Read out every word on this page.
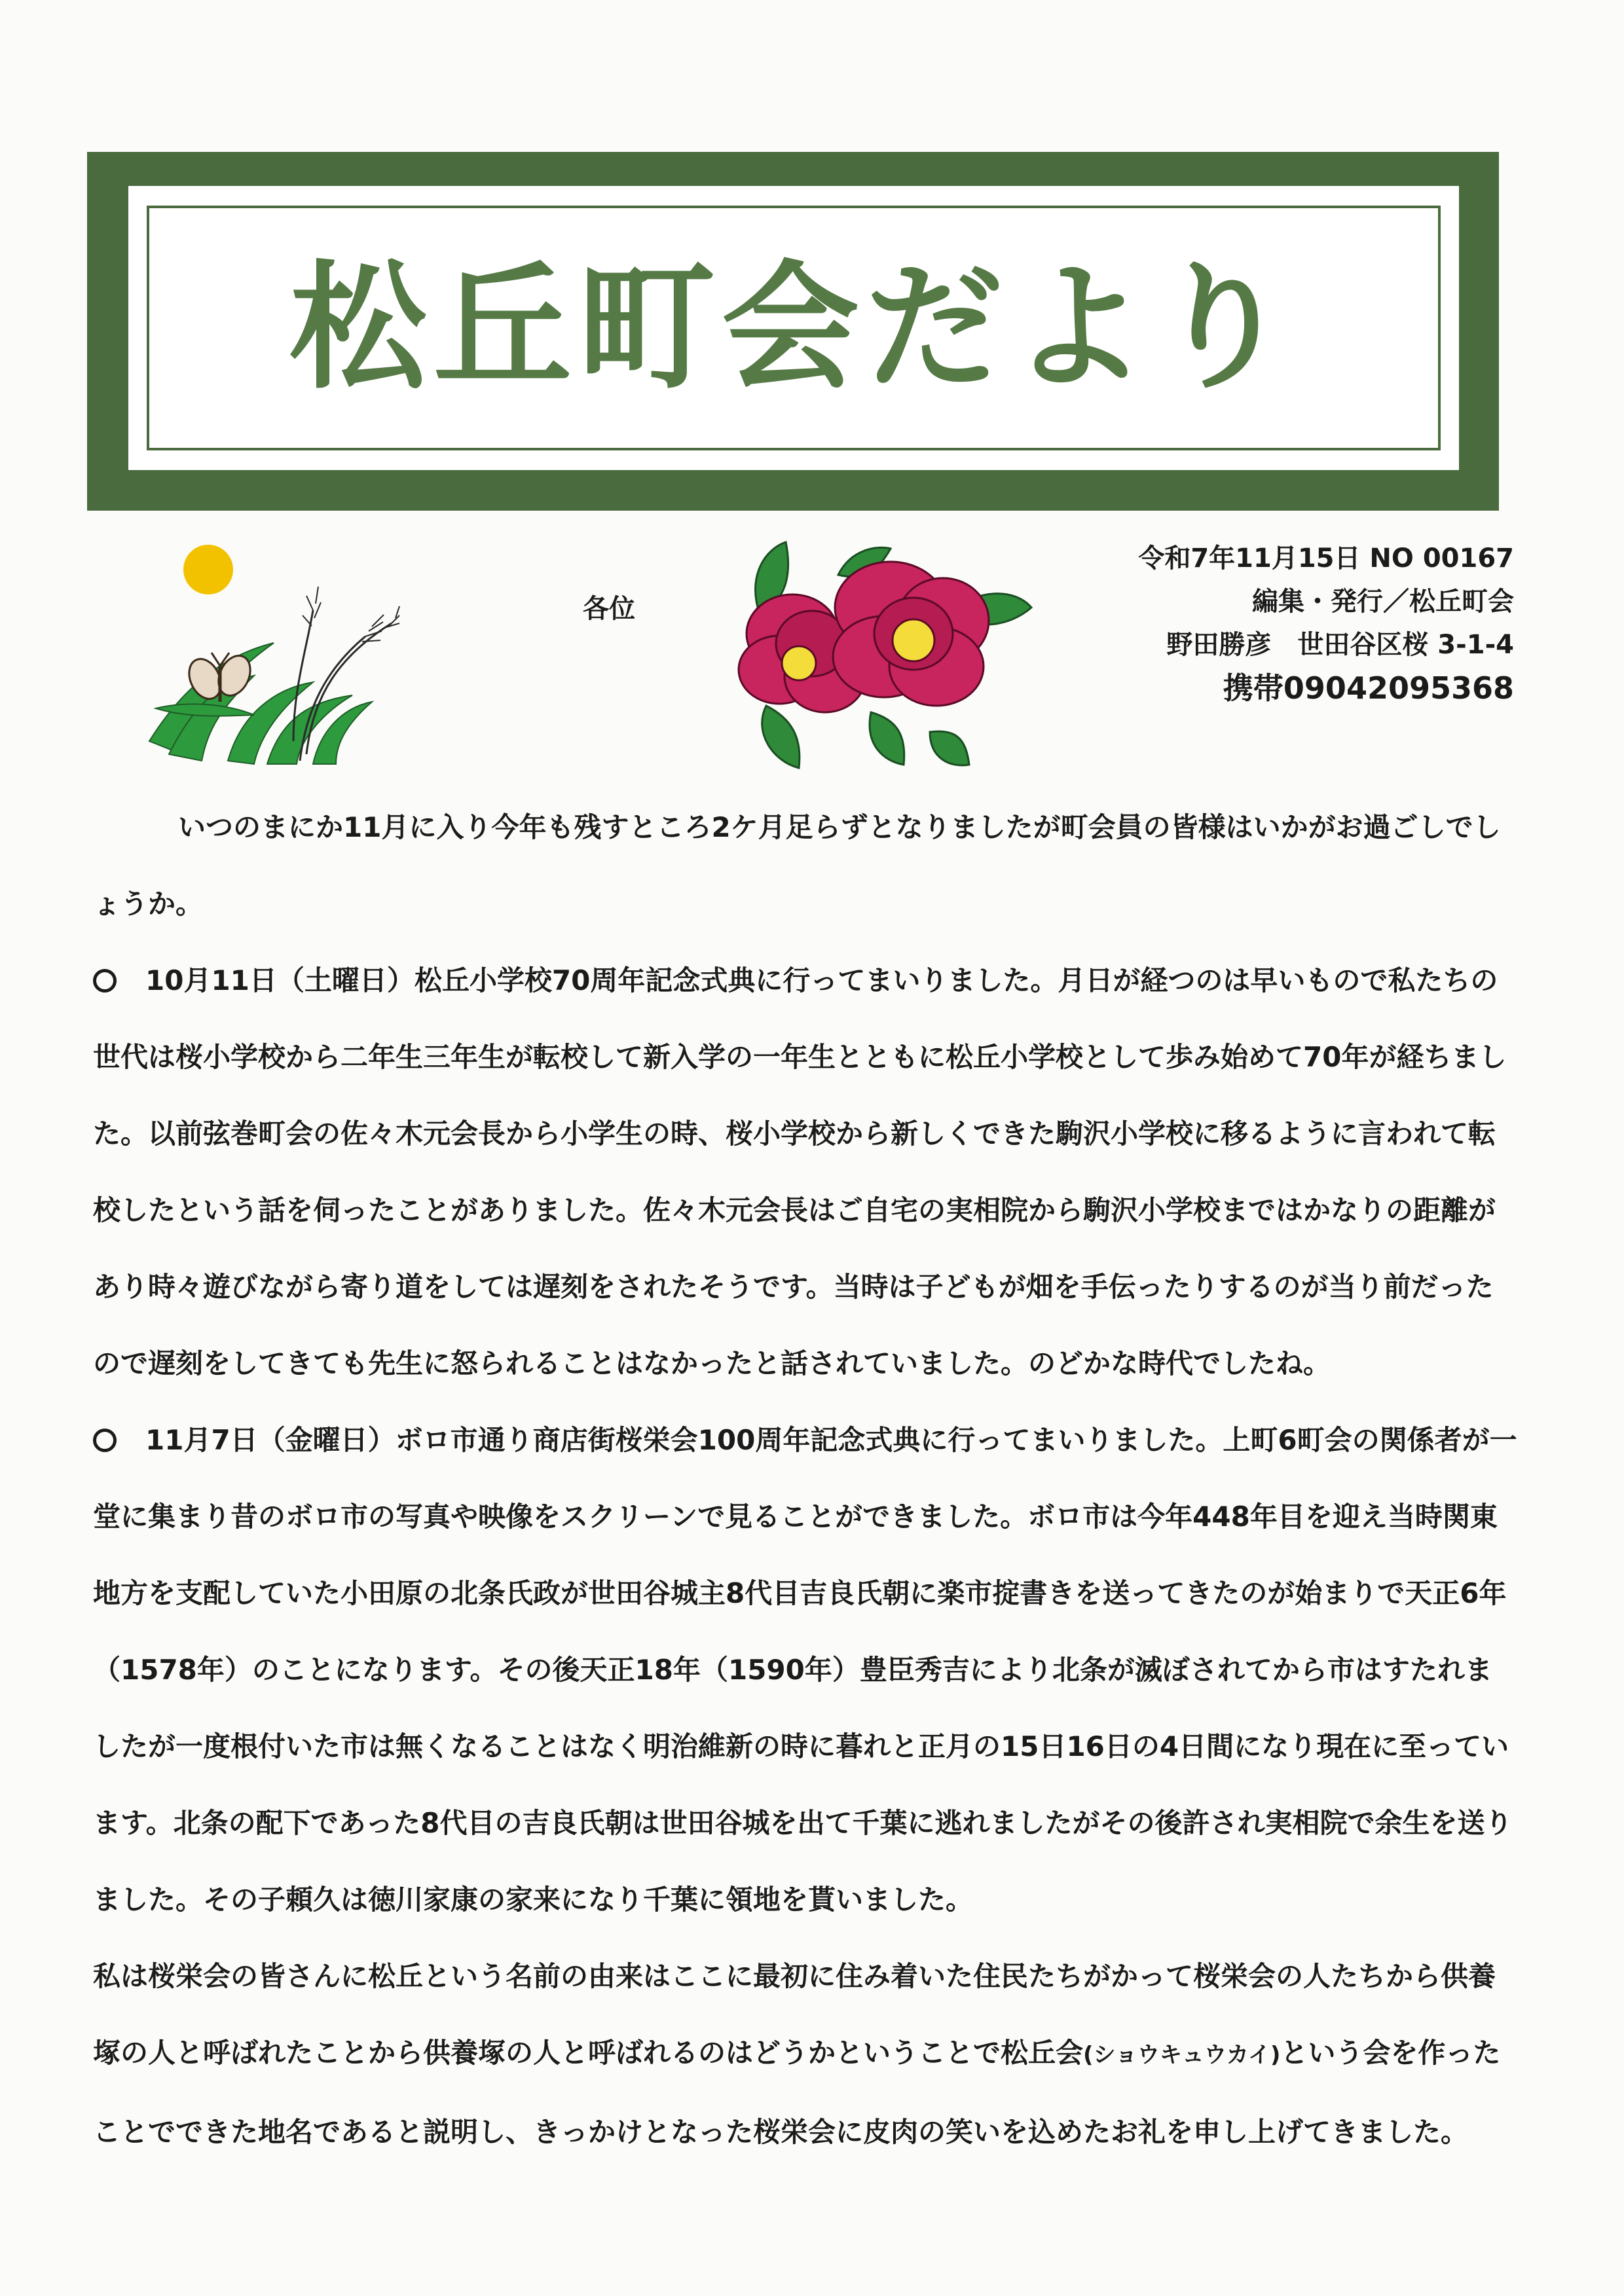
松丘町会だより
各位
令和7年11月15日 NO 00167
編集・発行／松丘町会
野田勝彦　世田谷区桜 3-1-4
携帯09042095368

いつのまにか11月に入り今年も残すところ2ケ月足らずとなりましたが町会員の皆様はいかがお過ごしでしょうか。

10月11日（土曜日）松丘小学校70周年記念式典に行ってまいりました。月日が経つのは早いもので私たちの世代は桜小学校から二年生三年生が転校して新入学の一年生とともに松丘小学校として歩み始めて70年が経ちました。以前弦巻町会の佐々木元会長から小学生の時、桜小学校から新しくできた駒沢小学校に移るように言われて転校したという話を伺ったことがありました。佐々木元会長はご自宅の実相院から駒沢小学校まではかなりの距離があり時々遊びながら寄り道をしては遅刻をされたそうです。当時は子どもが畑を手伝ったりするのが当り前だったので遅刻をしてきても先生に怒られることはなかったと話されていました。のどかな時代でしたね。

11月7日（金曜日）ボロ市通り商店街桜栄会100周年記念式典に行ってまいりました。上町6町会の関係者が一堂に集まり昔のボロ市の写真や映像をスクリーンで見ることができました。ボロ市は今年448年目を迎え当時関東地方を支配していた小田原の北条氏政が世田谷城主8代目吉良氏朝に楽市掟書きを送ってきたのが始まりで天正6年（1578年）のことになります。その後天正18年（1590年）豊臣秀吉により北条が滅ぼされてから市はすたれましたが一度根付いた市は無くなることはなく明治維新の時に暮れと正月の15日16日の4日間になり現在に至っています。北条の配下であった8代目の吉良氏朝は世田谷城を出て千葉に逃れましたがその後許され実相院で余生を送りました。その子頼久は徳川家康の家来になり千葉に領地を貰いました。

私は桜栄会の皆さんに松丘という名前の由来はここに最初に住み着いた住民たちがかって桜栄会の人たちから供養塚の人と呼ばれたことから供養塚の人と呼ばれるのはどうかということで松丘会(ショウキュウカイ)という会を作ったことでできた地名であると説明し、きっかけとなった桜栄会に皮肉の笑いを込めたお礼を申し上げてきました。
